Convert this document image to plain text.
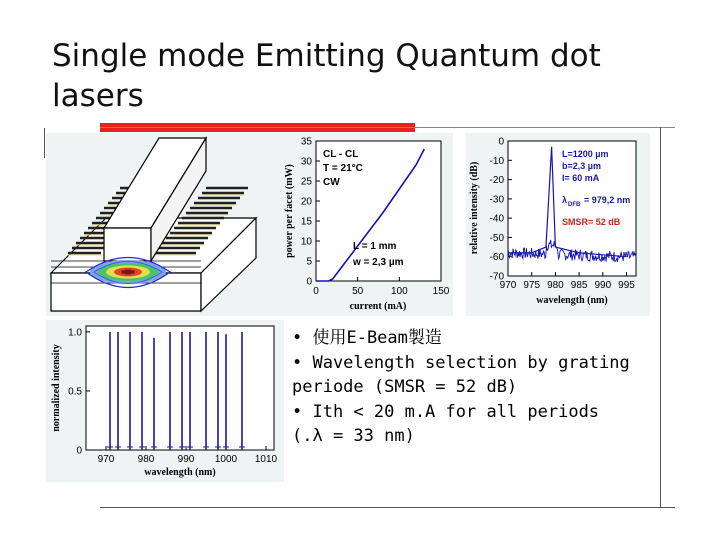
Single mode Emitting Quantum dot lasers
0
5
10
15
20
25
30
35
0	50	100 150
CL - CL
T = 21°C
CW
L = 1 mm
w = 2,3 µm
current (mA)
power per facet (mW)
0
-10
-20
-30
-40
-50
-60
-70
970 975 980 985 990 995
L=1200 µm
b=2,3 µm
I= 60 mA
λ DFB = 979,2 nm
SMSR= 52 dB
wavelength (nm)
relative intensity (dB)
1.0
0.5
0
970 980 990 1000 1010
wavelength (nm)
normalized intensity
• 使用E-Beam製造
• Wavelength selection by grating
periode (SMSR = 52 dB)
• Ith < 20 m.A for all periods
(.λ = 33 nm)
